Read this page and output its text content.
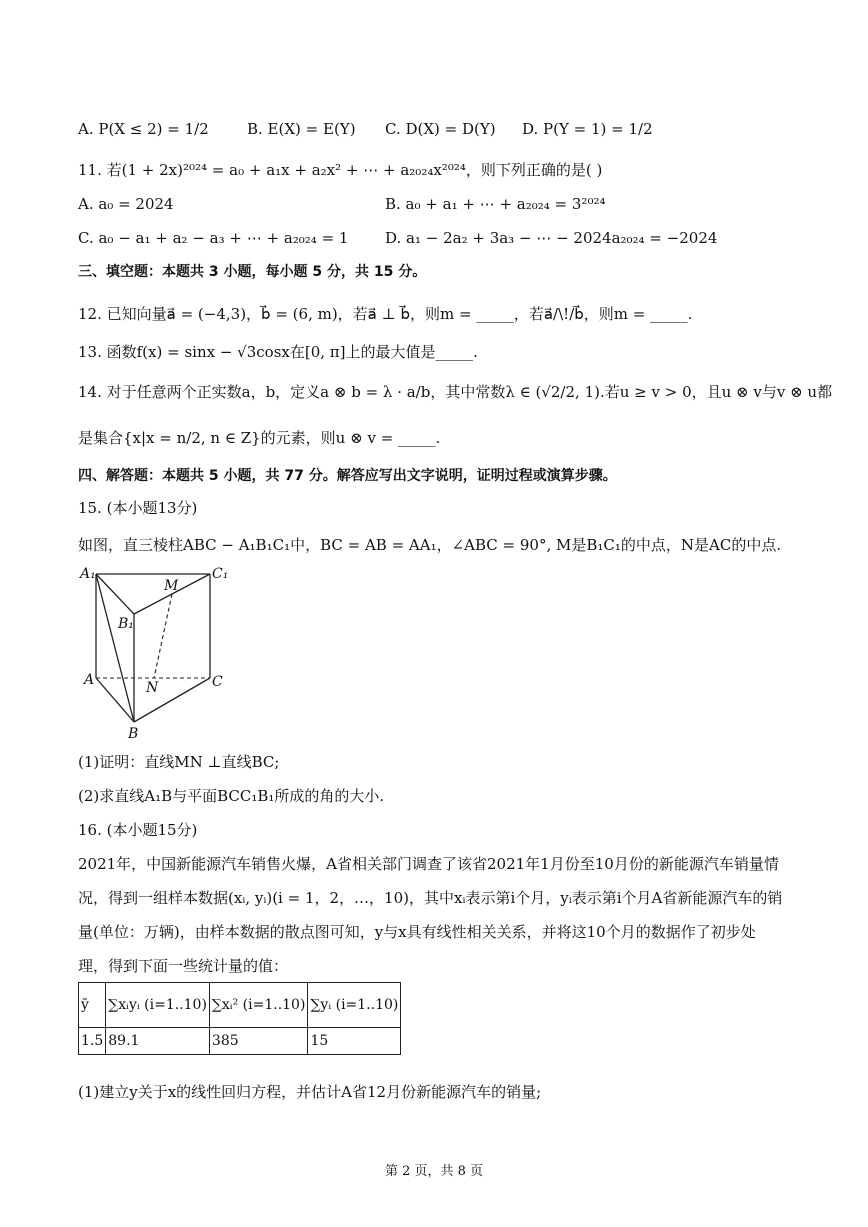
A. P(X ≤ 2) = 1/2	B. E(X) = E(Y) C. D(X) = D(Y) D. P(Y = 1) = 1/2
11. 若(1 + 2x)²⁰²⁴ = a₀ + a₁x + a₂x² + ⋯ + a₂₀₂₄x²⁰²⁴，则下列正确的是( )
A. a₀ = 2024	B. a₀ + a₁ + ⋯ + a₂₀₂₄ = 3²⁰²⁴
C. a₀ − a₁ + a₂ − a₃ + ⋯ + a₂₀₂₄ = 1 D. a₁ − 2a₂ + 3a₃ − ⋯ − 2024a₂₀₂₄ = −2024
三、填空题：本题共 3 小题，每小题 5 分，共 15 分。
12. 已知向量a⃗ = (−4,3)，b⃗ = (6, m)，若a⃗ ⊥ b⃗，则m = _____，若a⃗/\!/b⃗，则m = _____.
13. 函数f(x) = sinx − √3cosx在[0, π]上的最大值是_____.
14. 对于任意两个正实数a，b，定义a ⊗ b = λ · a/b，其中常数λ ∈ (√2/2, 1).若u ≥ v > 0，且u ⊗ v与v ⊗ u都
是集合{x|x = n/2, n ∈ Z}的元素，则u ⊗ v = _____.
四、解答题：本题共 5 小题，共 77 分。解答应写出文字说明，证明过程或演算步骤。
15. (本小题13分)
如图，直三棱柱ABC − A₁B₁C₁中，BC = AB = AA₁，∠ABC = 90°, M是B₁C₁的中点，N是AC的中点.
A₁	C₁
M
B₁
A	N	C
B
(1)证明：直线MN ⊥直线BC;
(2)求直线A₁B与平面BCC₁B₁所成的角的大小.
16. (本小题15分)
2021年，中国新能源汽车销售火爆，A省相关部门调查了该省2021年1月份至10月份的新能源汽车销量情
况，得到一组样本数据(xᵢ, yᵢ)(i = 1，2，…，10)，其中xᵢ表示第i个月，yᵢ表示第i个月A省新能源汽车的销
量(单位：万辆)，由样本数据的散点图可知，y与x具有线性相关关系，并将这10个月的数据作了初步处
理，得到下面一些统计量的值：
ȳ	∑xᵢyᵢ (i=1..10)	∑xᵢ² (i=1..10)	∑yᵢ (i=1..10)
1.5	89.1	385	15
(1)建立y关于x的线性回归方程，并估计A省12月份新能源汽车的销量;
第 2 页，共 8 页
